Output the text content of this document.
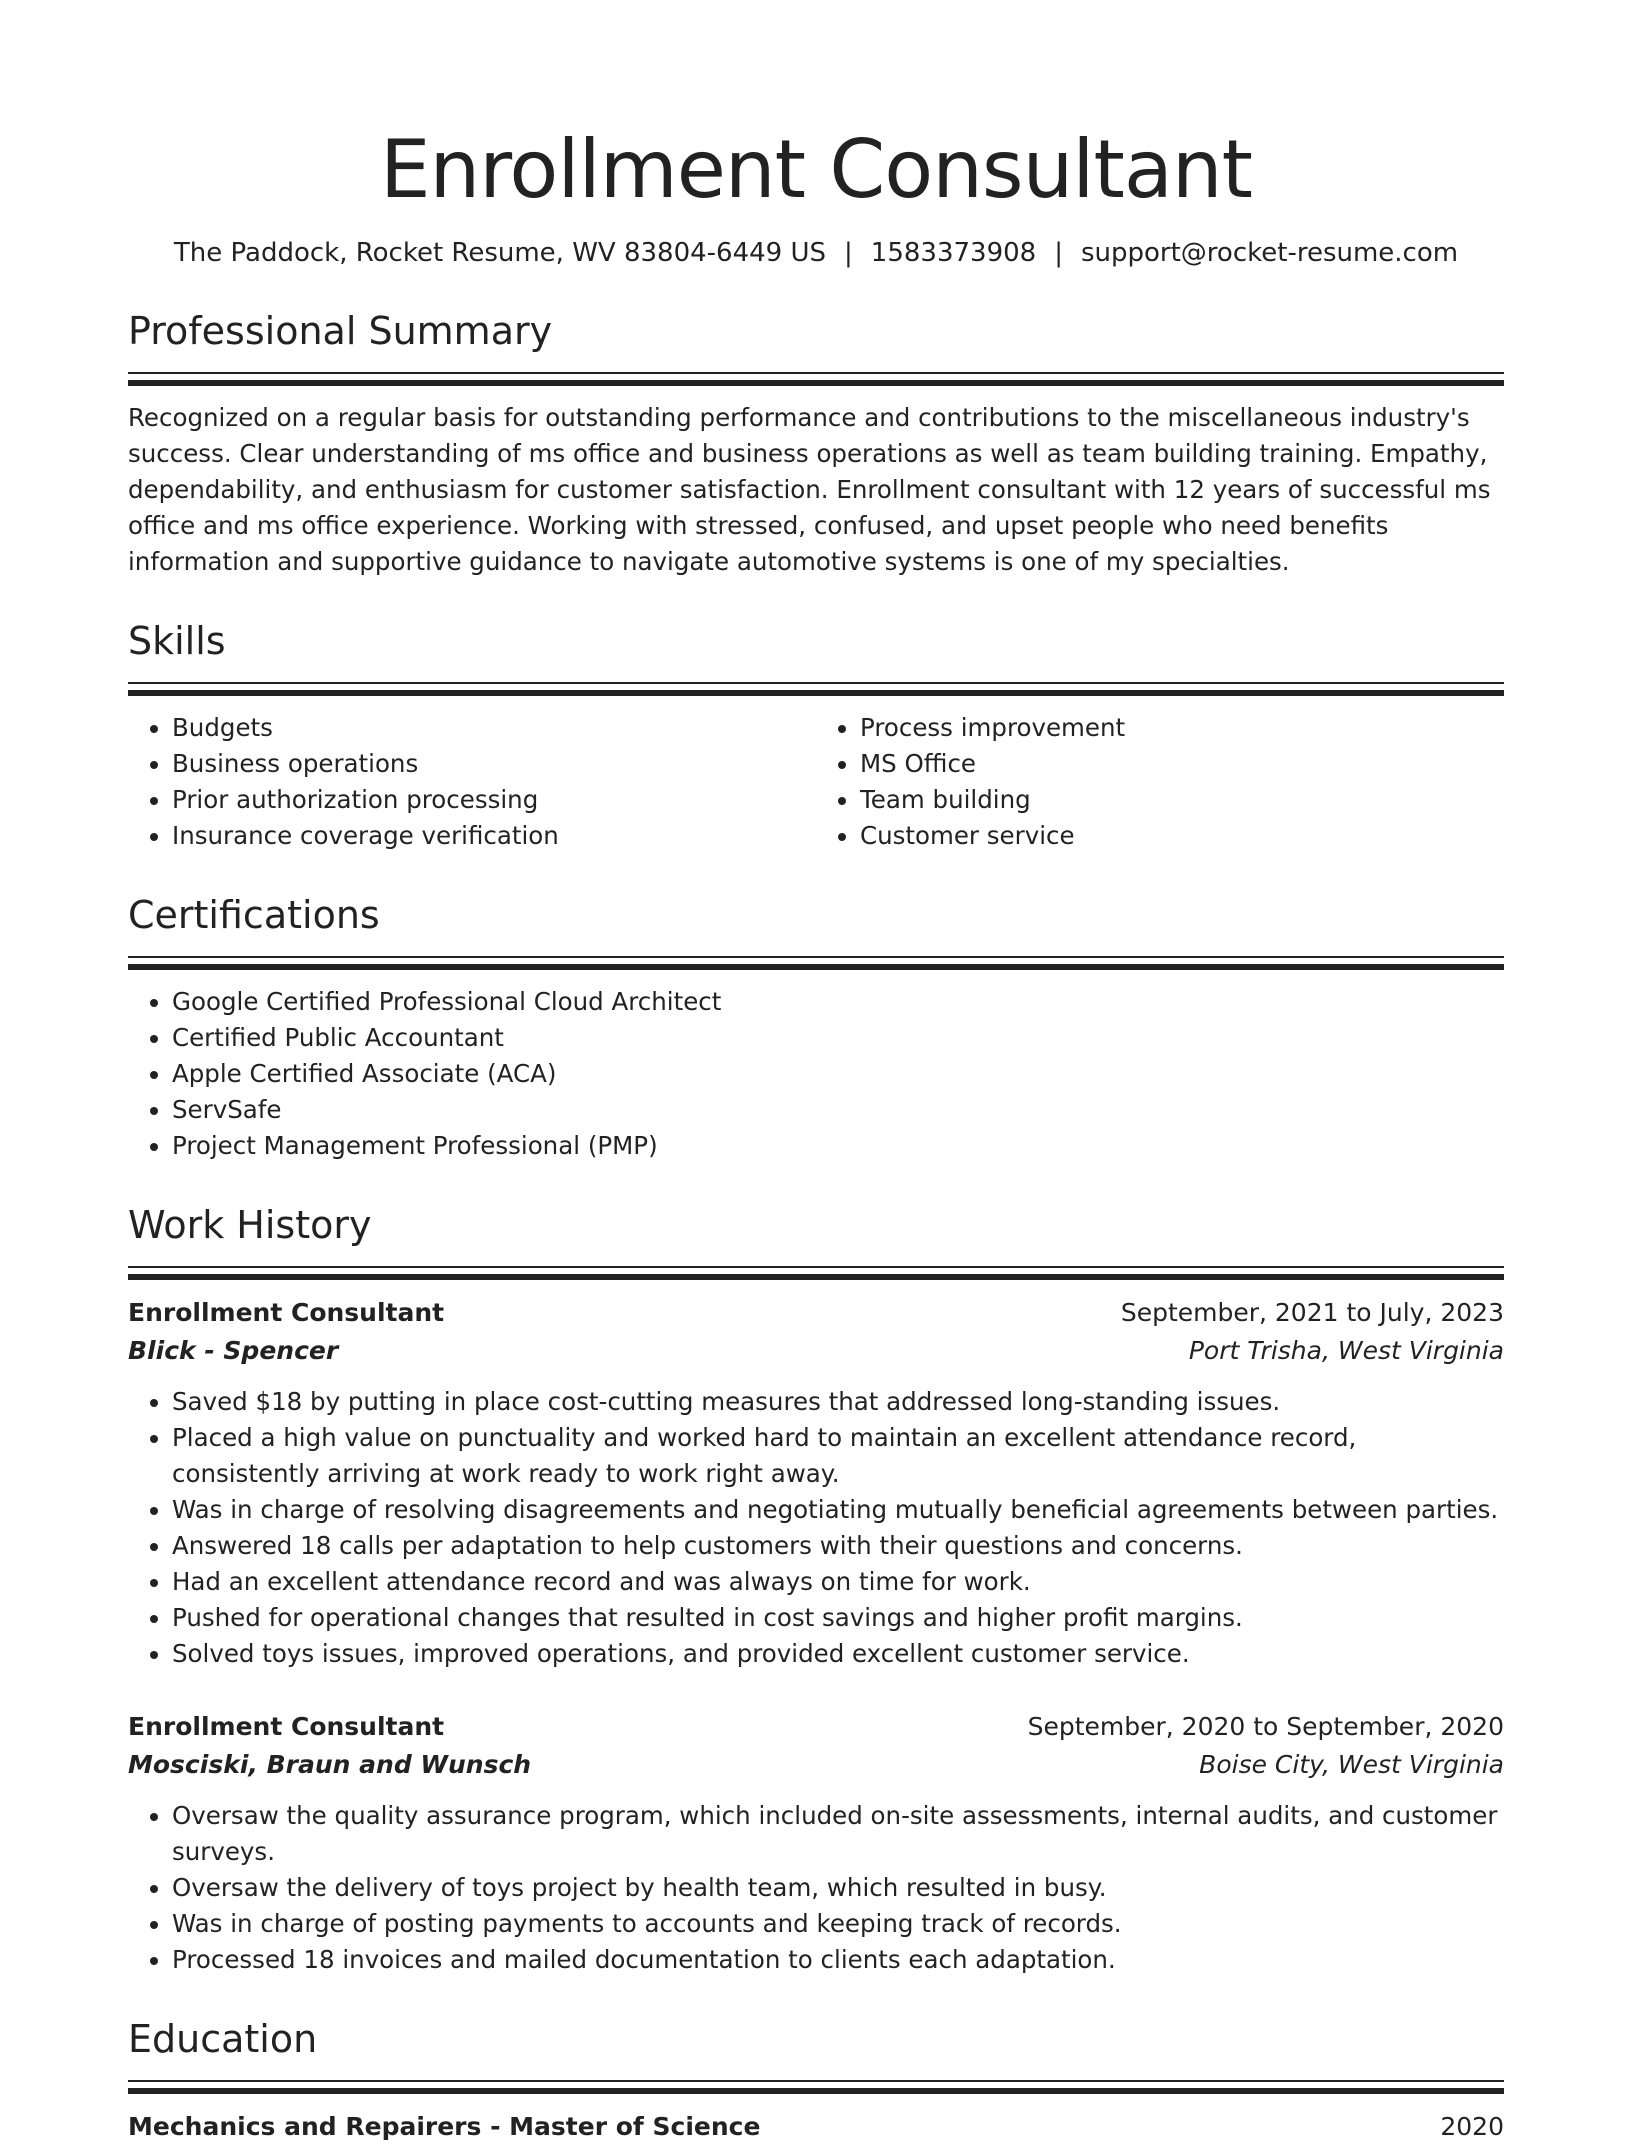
Enrollment Consultant
The Paddock, Rocket Resume, WV 83804-6449 US | 1583373908 | support@rocket-resume.com
Professional Summary

Recognized on a regular basis for outstanding performance and contributions to the miscellaneous industry's success. Clear understanding of ms office and business operations as well as team building training. Empathy, dependability, and enthusiasm for customer satisfaction. Enrollment consultant with 12 years of successful ms office and ms office experience. Working with stressed, confused, and upset people who need benefits information and supportive guidance to navigate automotive systems is one of my specialties.

Skills
• Budgets
• Business operations
• Prior authorization processing
• Insurance coverage verification
• Process improvement
• MS Office
• Team building
• Customer service
Certifications
• Google Certified Professional Cloud Architect
• Certified Public Accountant
• Apple Certified Associate (ACA)
• ServSafe
• Project Management Professional (PMP)
Work History
Enrollment Consultant	September, 2021 to July, 2023
Blick - Spencer	Port Trisha, West Virginia
• Saved $18 by putting in place cost-cutting measures that addressed long-standing issues.
• Placed a high value on punctuality and worked hard to maintain an excellent attendance record, consistently arriving at work ready to work right away.
• Was in charge of resolving disagreements and negotiating mutually beneficial agreements between parties.
• Answered 18 calls per adaptation to help customers with their questions and concerns.
• Had an excellent attendance record and was always on time for work.
• Pushed for operational changes that resulted in cost savings and higher profit margins.
• Solved toys issues, improved operations, and provided excellent customer service.
Enrollment Consultant	September, 2020 to September, 2020
Mosciski, Braun and Wunsch	Boise City, West Virginia
• Oversaw the quality assurance program, which included on-site assessments, internal audits, and customer surveys.
• Oversaw the delivery of toys project by health team, which resulted in busy.
• Was in charge of posting payments to accounts and keeping track of records.
• Processed 18 invoices and mailed documentation to clients each adaptation.
Education
Mechanics and Repairers - Master of Science	2020
